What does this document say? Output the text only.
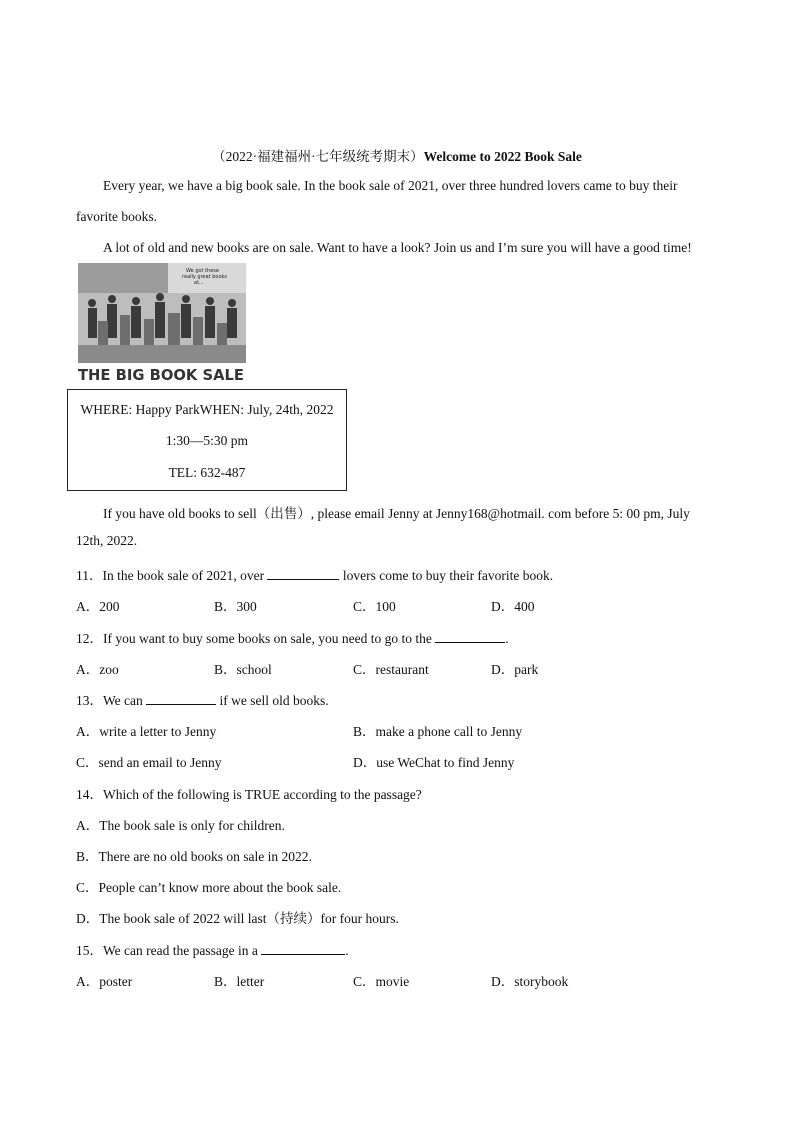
（2022·福建福州·七年级统考期末）Welcome to 2022 Book Sale
Every year, we have a big book sale. In the book sale of 2021, over three hundred lovers came to buy their
favorite books.
A lot of old and new books are on sale. Want to have a look? Join us and I’m sure you will have a good time!
We got these really great books at...
THE BIG BOOK SALE
WHERE: Happy ParkWHEN: July, 24th, 2022
1:30—5:30 pm
TEL: 632-487
If you have old books to sell（出售）, please email Jenny at Jenny168@hotmail. com before 5: 00 pm, July
12th, 2022.
11．In the book sale of 2021, over	lovers come to buy their favorite book.
A．200	B．300	C．100	D．400
12．If you want to buy some books on sale, you need to go to the	.
A．zoo	B．school	C．restaurant	D．park
13．We can	if we sell old books.
A．write a letter to Jenny	B．make a phone call to Jenny
C．send an email to Jenny	D．use WeChat to find Jenny
14．Which of the following is TRUE according to the passage?
A．The book sale is only for children.
B．There are no old books on sale in 2022.
C．People can’t know more about the book sale.
D．The book sale of 2022 will last（持续）for four hours.
15．We can read the passage in a	.
A．poster	B．letter	C．movie	D．storybook
